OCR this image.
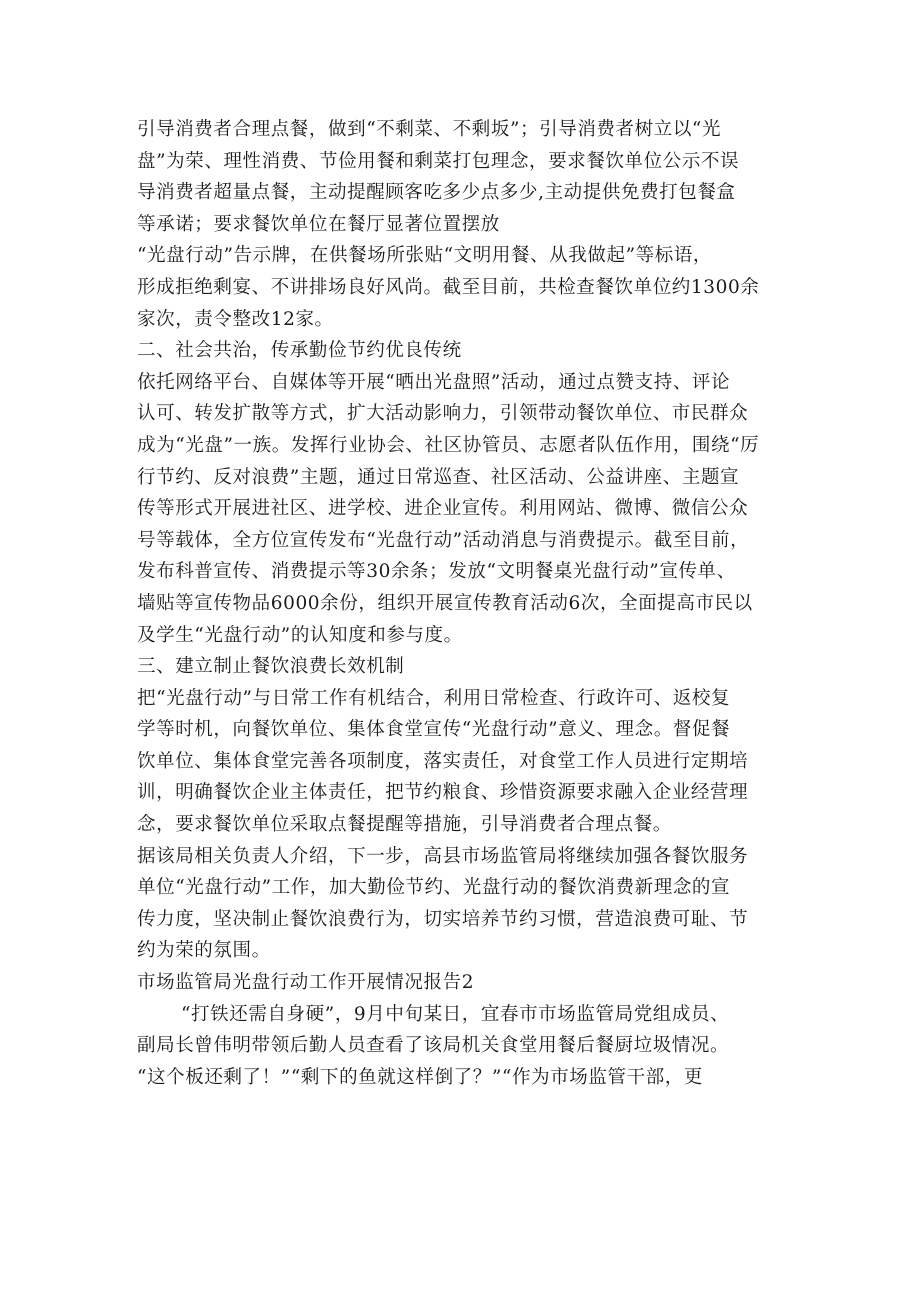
引导消费者合理点餐，做到“不剩菜、不剩坂”；引导消费者树立以“光
盘”为荣、理性消费、节俭用餐和剩菜打包理念，要求餐饮单位公示不误
导消费者超量点餐，主动提醒顾客吃多少点多少,主动提供免费打包餐盒
等承诺；要求餐饮单位在餐厅显著位置摆放
“光盘行动”告示牌，在供餐场所张贴“文明用餐、从我做起”等标语，
形成拒绝剩宴、不讲排场良好风尚。截至目前，共检查餐饮单位约1300余
家次，责令整改12家。
二、社会共治，传承勤俭节约优良传统
依托网络平台、自媒体等开展“晒出光盘照”活动，通过点赞支持、评论
认可、转发扩散等方式，扩大活动影响力，引领带动餐饮单位、市民群众
成为“光盘”一族。发挥行业协会、社区协管员、志愿者队伍作用，围绕“厉
行节约、反对浪费”主题，通过日常巡查、社区活动、公益讲座、主题宣
传等形式开展进社区、进学校、进企业宣传。利用网站、微博、微信公众
号等载体，全方位宣传发布“光盘行动”活动消息与消费提示。截至目前，
发布科普宣传、消费提示等30余条；发放“文明餐桌光盘行动”宣传单、
墙贴等宣传物品6000余份，组织开展宣传教育活动6次，全面提高市民以
及学生“光盘行动”的认知度和参与度。
三、建立制止餐饮浪费长效机制
把“光盘行动”与日常工作有机结合，利用日常检查、行政许可、返校复
学等时机，向餐饮单位、集体食堂宣传“光盘行动”意义、理念。督促餐
饮单位、集体食堂完善各项制度，落实责任，对食堂工作人员进行定期培
训，明确餐饮企业主体责任，把节约粮食、珍惜资源要求融入企业经营理
念，要求餐饮单位采取点餐提醒等措施，引导消费者合理点餐。
据该局相关负责人介绍，下一步，高县市场监管局将继续加强各餐饮服务
单位“光盘行动”工作，加大勤俭节约、光盘行动的餐饮消费新理念的宣
传力度，坚决制止餐饮浪费行为，切实培养节约习惯，营造浪费可耻、节
约为荣的氛围。
市场监管局光盘行动工作开展情况报告2
“打铁还需自身硬”，9月中旬某日，宜春市市场监管局党组成员、
副局长曾伟明带领后勤人员查看了该局机关食堂用餐后餐厨垃圾情况。
“这个板还剩了！”“剩下的鱼就这样倒了？”“作为市场监管干部，更
